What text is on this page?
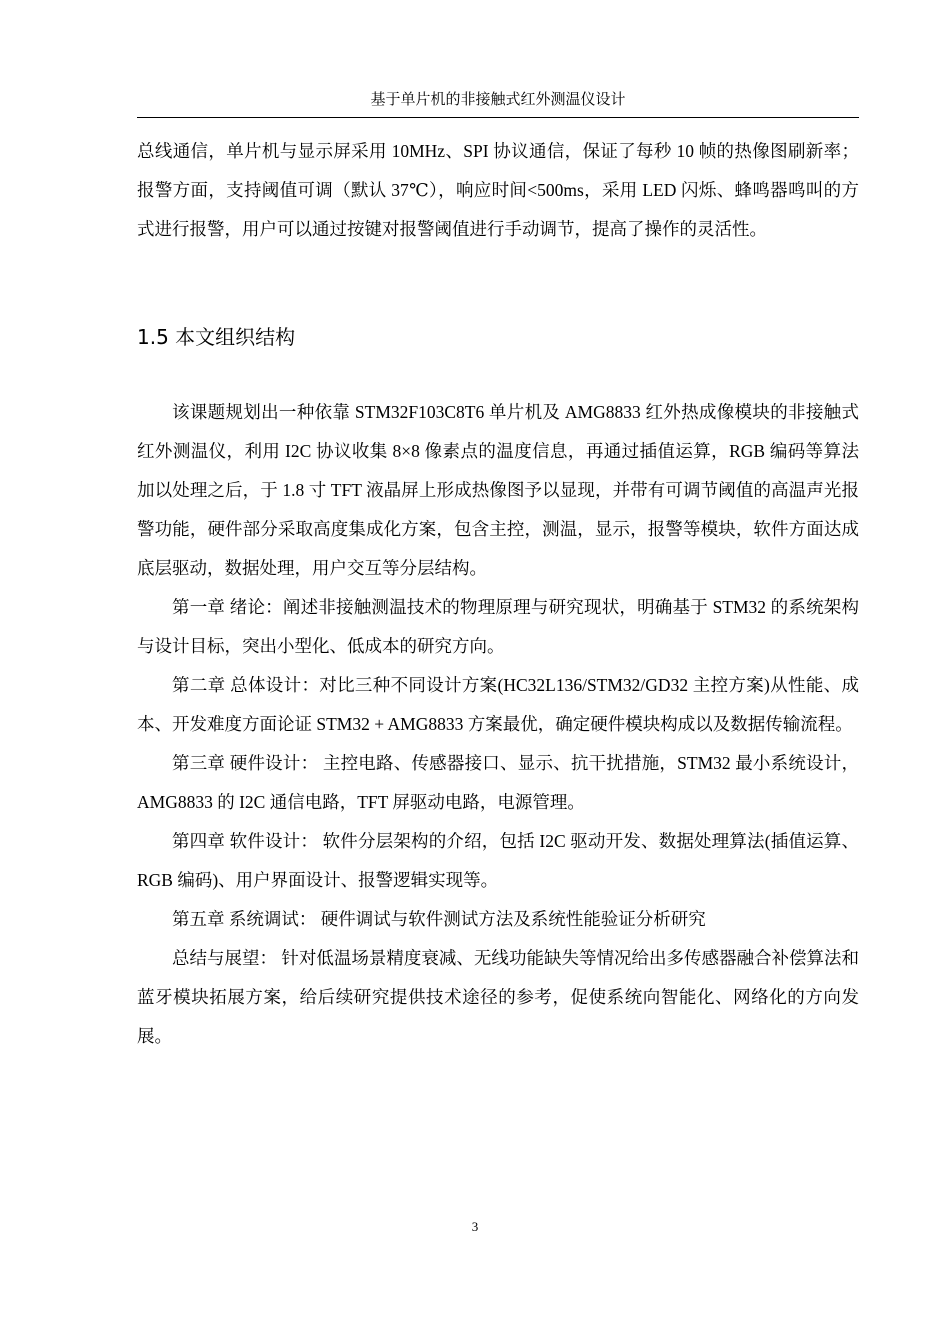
基于单片机的非接触式红外测温仪设计

总线通信，单片机与显示屏采用 10MHz、SPI 协议通信，保证了每秒 10 帧的热像图刷新率；报警方面，支持阈值可调（默认 37℃），响应时间<500ms，采用 LED 闪烁、蜂鸣器鸣叫的方式进行报警，用户可以通过按键对报警阈值进行手动调节，提高了操作的灵活性。

1.5 本文组织结构

该课题规划出一种依靠 STM32F103C8T6 单片机及 AMG8833 红外热成像模块的非接触式红外测温仪，利用 I2C 协议收集 8×8 像素点的温度信息，再通过插值运算，RGB 编码等算法加以处理之后，于 1.8 寸 TFT 液晶屏上形成热像图予以显现，并带有可调节阈值的高温声光报警功能，硬件部分采取高度集成化方案，包含主控，测温，显示，报警等模块，软件方面达成底层驱动，数据处理，用户交互等分层结构。

第一章 绪论：阐述非接触测温技术的物理原理与研究现状，明确基于 STM32 的系统架构与设计目标，突出小型化、低成本的研究方向。

第二章 总体设计：对比三种不同设计方案(HC32L136/STM32/GD32 主控方案)从性能、成本、开发难度方面论证 STM32 + AMG8833 方案最优，确定硬件模块构成以及数据传输流程。

第三章 硬件设计： 主控电路、传感器接口、显示、抗干扰措施，STM32 最小系统设计，AMG8833 的 I2C 通信电路，TFT 屏驱动电路，电源管理。

第四章 软件设计： 软件分层架构的介绍，包括 I2C 驱动开发、数据处理算法(插值运算、RGB 编码)、用户界面设计、报警逻辑实现等。

第五章 系统调试： 硬件调试与软件测试方法及系统性能验证分析研究

总结与展望： 针对低温场景精度衰减、无线功能缺失等情况给出多传感器融合补偿算法和蓝牙模块拓展方案，给后续研究提供技术途径的参考，促使系统向智能化、网络化的方向发展。

3
